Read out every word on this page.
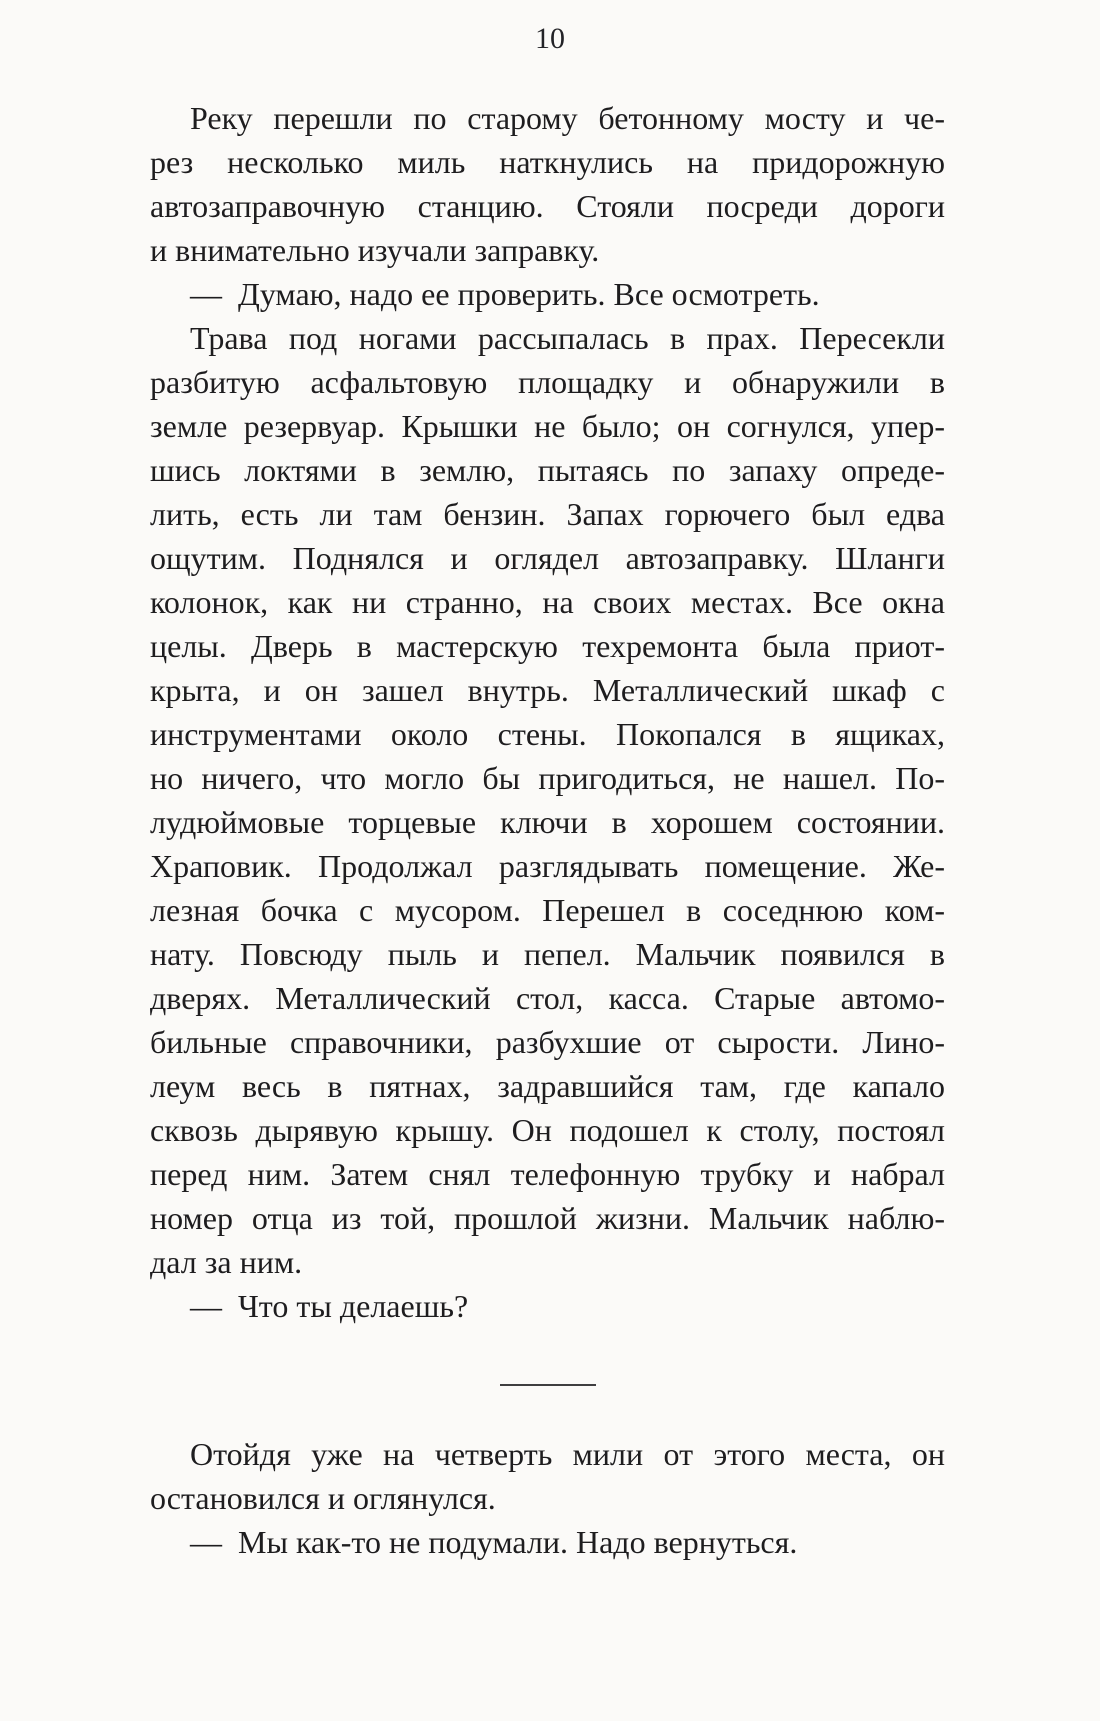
Реку перешли по старому бетонному мосту и че-
рез несколько миль наткнулись на придорожную
автозаправочную станцию. Стояли посреди дороги
и внимательно изучали заправку.
— Думаю, надо ее проверить. Все осмотреть.
Трава под ногами рассыпалась в прах. Пересекли
разбитую асфальтовую площадку и обнаружили в
земле резервуар. Крышки не было; он согнулся, упер-
шись локтями в землю, пытаясь по запаху опреде-
лить, есть ли там бензин. Запах горючего был едва
ощутим. Поднялся и оглядел автозаправку. Шланги
колонок, как ни странно, на своих местах. Все окна
целы. Дверь в мастерскую техремонта была приот-
крыта, и он зашел внутрь. Металлический шкаф с
инструментами около стены. Покопался в ящиках,
но ничего, что могло бы пригодиться, не нашел. По-
лудюймовые торцевые ключи в хорошем состоянии.
Храповик. Продолжал разглядывать помещение. Же-
лезная бочка с мусором. Перешел в соседнюю ком-
нату. Повсюду пыль и пепел. Мальчик появился в
дверях. Металлический стол, касса. Старые автомо-
бильные справочники, разбухшие от сырости. Лино-
леум весь в пятнах, задравшийся там, где капало
сквозь дырявую крышу. Он подошел к столу, постоял
перед ним. Затем снял телефонную трубку и набрал
номер отца из той, прошлой жизни. Мальчик наблю-
дал за ним.
— Что ты делаешь?
Отойдя уже на четверть мили от этого места, он
остановился и оглянулся.
— Мы как-то не подумали. Надо вернуться.
10
